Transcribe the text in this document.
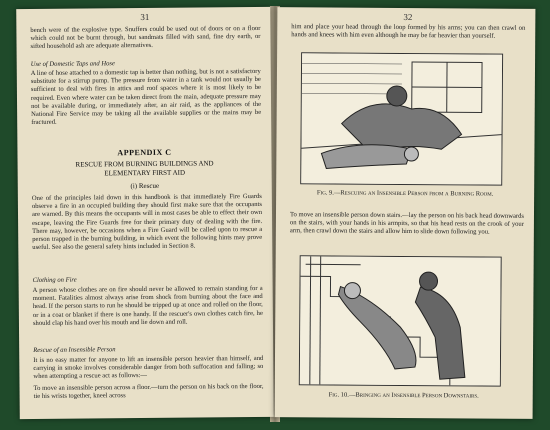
31

bench were of the explosive type. Snuffers could be used out of doors or on a floor which could not be burnt through, but sandmats filled with sand, fine dry earth, or sifted household ash are adequate alternatives.

Use of Domestic Taps and Hose

A line of hose attached to a domestic tap is better than nothing, but is not a satisfactory substitute for a stirrup pump. The pressure from water in a tank would not usually be sufficient to deal with fires in attics and roof spaces where it is most likely to be required. Even where water can be taken direct from the main, adequate pressure may not be available during, or immediately after, an air raid, as the appliances of the National Fire Service may be taking all the available supplies or the mains may be fractured.

APPENDIX C
RESCUE FROM BURNING BUILDINGS AND
ELEMENTARY FIRST AID
(i) Rescue

One of the principles laid down in this handbook is that immediately Fire Guards observe a fire in an occupied building they should first make sure that the occupants are warned. By this means the occupants will in most cases be able to effect their own escape, leaving the Fire Guards free for their primary duty of dealing with the fire. There may, however, be occasions when a Fire Guard will be called upon to rescue a person trapped in the burning building, in which event the following hints may prove useful. See also the general safety hints included in Section 8.

Clothing on Fire

A person whose clothes are on fire should never be allowed to remain standing for a moment. Fatalities almost always arise from shock from burning about the face and head. If the person starts to run he should be tripped up at once and rolled on the floor, or in a coat or blanket if there is one handy. If the rescuer's own clothes catch fire, he should clap his hand over his mouth and lie down and roll.

Rescue of an Insensible Person

It is no easy matter for anyone to lift an insensible person heavier than himself, and carrying in smoke involves considerable danger from both suffocation and falling; so when attempting a rescue act as follows:—

To move an insensible person across a floor.—turn the person on his back on the floor, tie his wrists together, kneel across

32

him and place your head through the loop formed by his arms; you can then crawl on hands and knees with him even although he may be far heavier than yourself.

Fig. 9.—Rescuing an Insensible Person from a Burning Room.

To move an insensible person down stairs.—lay the person on his back head downwards on the stairs, with your hands in his armpits, so that his head rests on the crook of your arm, then crawl down the stairs and allow him to slide down following you.

Fig. 10.—Bringing an Insensible Person Downstairs.
